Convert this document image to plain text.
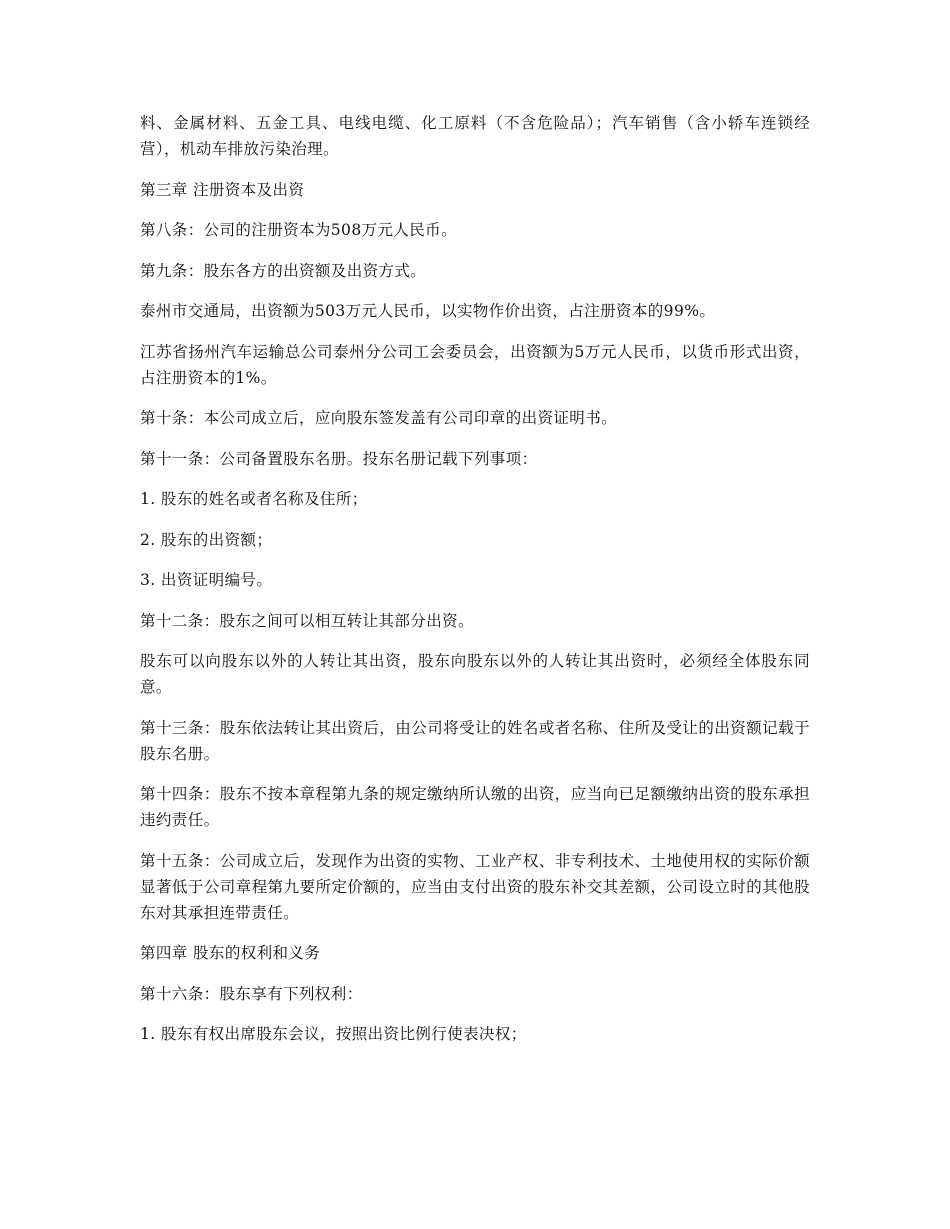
料、金属材料、五金工具、电线电缆、化工原料（不含危险品）；汽车销售（含小轿车连锁经营），机动车排放污染治理。

第三章 注册资本及出资

第八条：公司的注册资本为508万元人民币。

第九条：股东各方的出资额及出资方式。

泰州市交通局，出资额为503万元人民币，以实物作价出资，占注册资本的99%。

江苏省扬州汽车运输总公司泰州分公司工会委员会，出资额为5万元人民币，以货币形式出资，占注册资本的1%。

第十条：本公司成立后，应向股东签发盖有公司印章的出资证明书。

第十一条：公司备置股东名册。投东名册记载下列事项：

1. 股东的姓名或者名称及住所；

2. 股东的出资额；

3. 出资证明编号。

第十二条：股东之间可以相互转让其部分出资。

股东可以向股东以外的人转让其出资，股东向股东以外的人转让其出资时，必须经全体股东同意。

第十三条：股东依法转让其出资后，由公司将受让的姓名或者名称、住所及受让的出资额记载于股东名册。

第十四条：股东不按本章程第九条的规定缴纳所认缴的出资，应当向已足额缴纳出资的股东承担违约责任。

第十五条：公司成立后，发现作为出资的实物、工业产权、非专利技术、土地使用权的实际价额显著低于公司章程第九要所定价额的，应当由支付出资的股东补交其差额，公司设立时的其他股东对其承担连带责任。

第四章 股东的权利和义务

第十六条：股东享有下列权利：

1. 股东有权出席股东会议，按照出资比例行使表决权；
